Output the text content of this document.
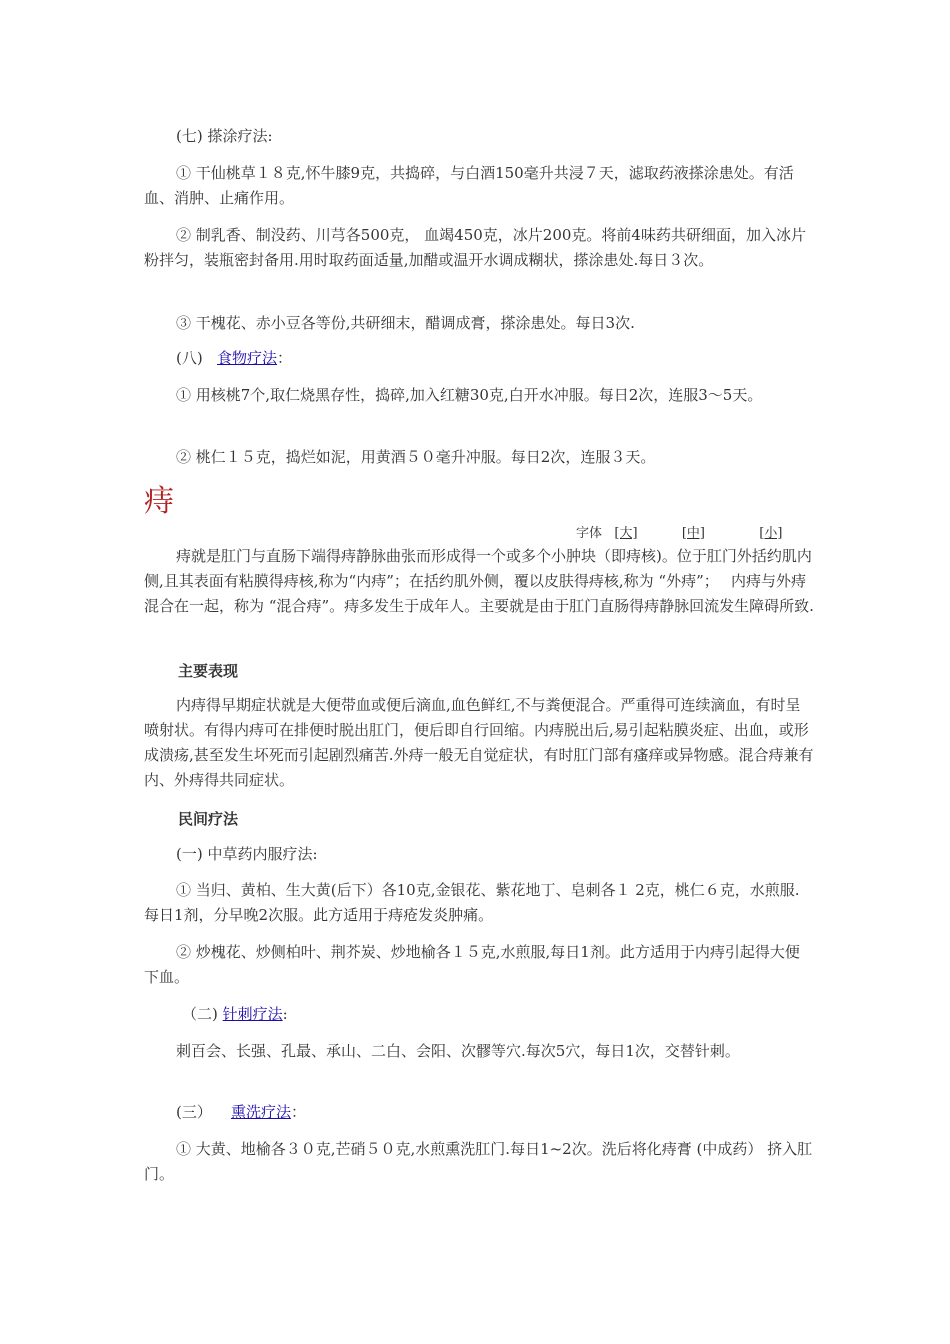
(七) 搽涂疗法:

① 干仙桃草１８克,怀牛膝9克，共捣碎，与白酒150毫升共浸７天，滤取药液搽涂患处。有活血、消肿、止痛作用。

② 制乳香、制没药、川芎各500克， 血竭450克，冰片200克。将前4味药共研细面，加入冰片粉拌匀，装瓶密封备用.用时取药面适量,加醋或温开水调成糊状，搽涂患处.每日３次。

③ 干槐花、赤小豆各等份,共研细末，醋调成膏，搽涂患处。每日3次.

(八) 食物疗法：

① 用核桃7个,取仁烧黑存性，捣碎,加入红糖30克,白开水冲服。每日2次，连服3～5天。

② 桃仁１５克，捣烂如泥，用黄酒５０毫升冲服。每日2次，连服３天。

痔
字体 [大]	[中]	[小]

痔就是肛门与直肠下端得痔静脉曲张而形成得一个或多个小肿块（即痔核)。位于肛门外括约肌内侧,且其表面有粘膜得痔核,称为“内痔”；在括约肌外侧，覆以皮肤得痔核,称为 “外痔”；　 内痔与外痔混合在一起，称为 “混合痔”。痔多发生于成年人。主要就是由于肛门直肠得痔静脉回流发生障碍所致.

主要表现

内痔得早期症状就是大便带血或便后滴血,血色鲜红,不与粪便混合。严重得可连续滴血，有时呈喷射状。有得内痔可在排便时脱出肛门，便后即自行回缩。内痔脱出后,易引起粘膜炎症、出血，或形成溃疡,甚至发生坏死而引起剧烈痛苦.外痔一般无自觉症状，有时肛门部有瘙痒或异物感。混合痔兼有内、外痔得共同症状。

民间疗法

(一) 中草药内服疗法:

① 当归、黄柏、生大黄(后下）各10克,金银花、紫花地丁、皂刺各１ 2克，桃仁６克，水煎服.每日1剂，分早晚2次服。此方适用于痔疮发炎肿痛。

② 炒槐花、炒侧柏叶、荆芥炭、炒地榆各１５克,水煎服,每日1剂。此方适用于内痔引起得大便下血。

（二) 针刺疗法:

刺百会、长强、孔最、承山、二白、会阳、次髎等穴.每次5穴，每日1次，交替针刺。

(三） 熏洗疗法：

① 大黄、地榆各３０克,芒硝５０克,水煎熏洗肛门.每日1~2次。洗后将化痔膏 (中成药） 挤入肛门。
